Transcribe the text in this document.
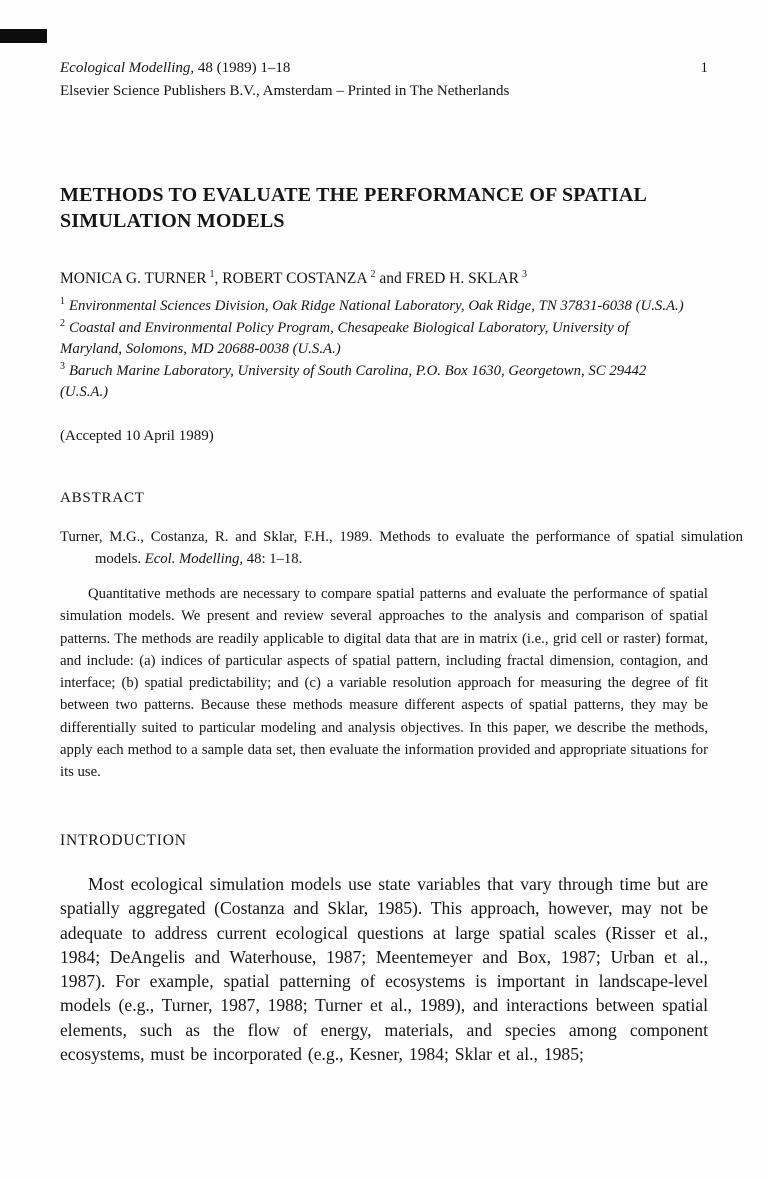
Ecological Modelling, 48 (1989) 1–18	1
Elsevier Science Publishers B.V., Amsterdam – Printed in The Netherlands
METHODS TO EVALUATE THE PERFORMANCE OF SPATIAL SIMULATION MODELS
MONICA G. TURNER $^1$, ROBERT COSTANZA $^2$ and FRED H. SKLAR $^3$
$^1$ Environmental Sciences Division, Oak Ridge National Laboratory, Oak Ridge, TN 37831-6038 (U.S.A.)
$^2$ Coastal and Environmental Policy Program, Chesapeake Biological Laboratory, University of Maryland, Solomons, MD 20688-0038 (U.S.A.)
$^3$ Baruch Marine Laboratory, University of South Carolina, P.O. Box 1630, Georgetown, SC 29442 (U.S.A.)
(Accepted 10 April 1989)
ABSTRACT
Turner, M.G., Costanza, R. and Sklar, F.H., 1989. Methods to evaluate the performance of spatial simulation models. Ecol. Modelling, 48: 1–18.
Quantitative methods are necessary to compare spatial patterns and evaluate the performance of spatial simulation models. We present and review several approaches to the analysis and comparison of spatial patterns. The methods are readily applicable to digital data that are in matrix (i.e., grid cell or raster) format, and include: (a) indices of particular aspects of spatial pattern, including fractal dimension, contagion, and interface; (b) spatial predictability; and (c) a variable resolution approach for measuring the degree of fit between two patterns. Because these methods measure different aspects of spatial patterns, they may be differentially suited to particular modeling and analysis objectives. In this paper, we describe the methods, apply each method to a sample data set, then evaluate the information provided and appropriate situations for its use.
INTRODUCTION
Most ecological simulation models use state variables that vary through time but are spatially aggregated (Costanza and Sklar, 1985). This approach, however, may not be adequate to address current ecological questions at large spatial scales (Risser et al., 1984; DeAngelis and Waterhouse, 1987; Meentemeyer and Box, 1987; Urban et al., 1987). For example, spatial patterning of ecosystems is important in landscape-level models (e.g., Turner, 1987, 1988; Turner et al., 1989), and interactions between spatial elements, such as the flow of energy, materials, and species among component ecosystems, must be incorporated (e.g., Kesner, 1984; Sklar et al., 1985;
